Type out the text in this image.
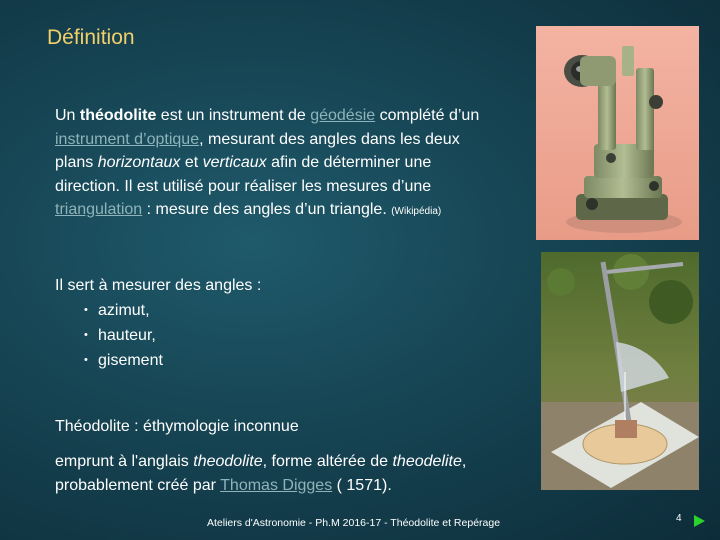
Définition
Un théodolite est un instrument de géodésie complété d’un instrument d’optique, mesurant des angles dans les deux plans horizontaux et verticaux afin de déterminer une direction. Il est utilisé pour réaliser les mesures d’une triangulation : mesure des angles d’un triangle. (Wikipédia)
Il sert à mesurer des angles :
• azimut,
• hauteur,
• gisement
Théodolite : éthymologie inconnue
emprunt à l'anglais theodolite, forme altérée de theodelite, probablement créé par Thomas Digges ( 1571).
Ateliers d'Astronomie - Ph.M 2016-17 - Théodolite et Repérage	4
